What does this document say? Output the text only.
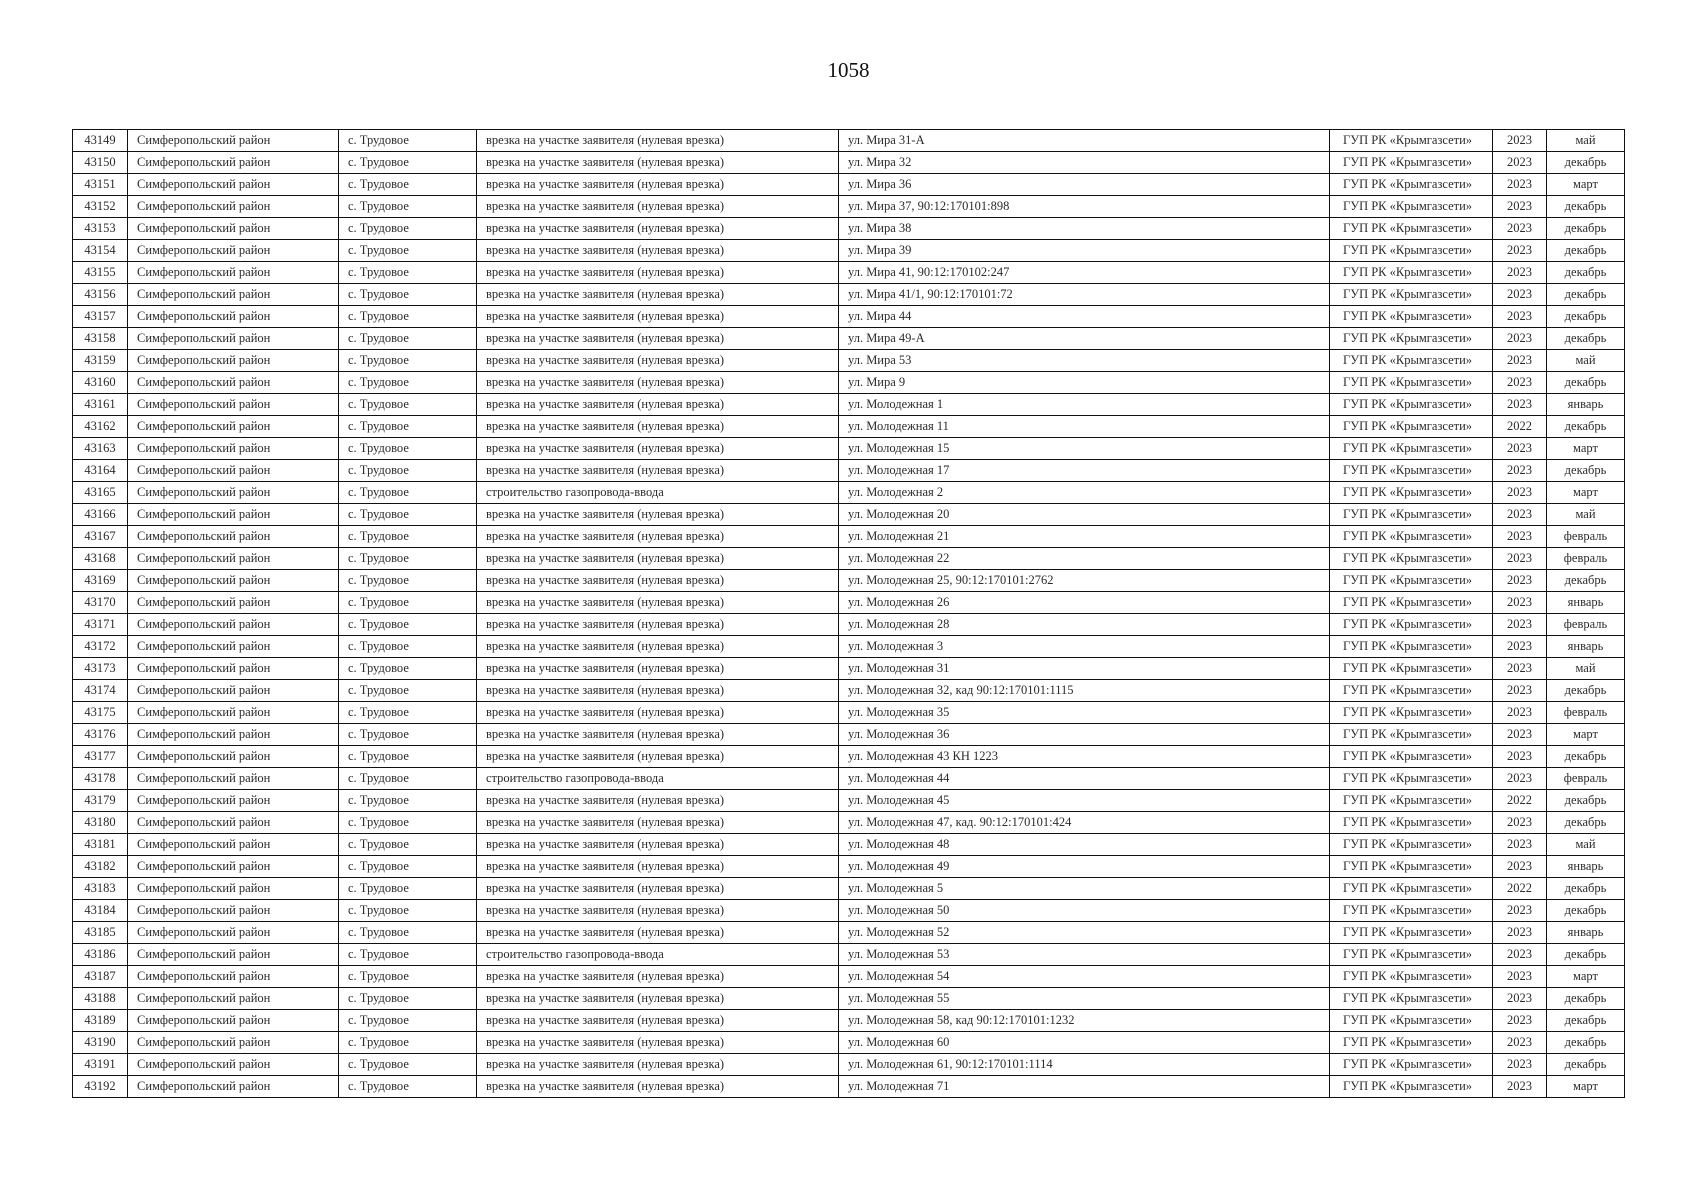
1058
43149	Симферопольский район	с. Трудовое	врезка на участке заявителя (нулевая врезка)	ул. Мира 31-А	ГУП РК «Крымгазсети»	2023	май
43150	Симферопольский район	с. Трудовое	врезка на участке заявителя (нулевая врезка)	ул. Мира 32	ГУП РК «Крымгазсети»	2023	декабрь
43151	Симферопольский район	с. Трудовое	врезка на участке заявителя (нулевая врезка)	ул. Мира 36	ГУП РК «Крымгазсети»	2023	март
43152	Симферопольский район	с. Трудовое	врезка на участке заявителя (нулевая врезка)	ул. Мира 37, 90:12:170101:898	ГУП РК «Крымгазсети»	2023	декабрь
43153	Симферопольский район	с. Трудовое	врезка на участке заявителя (нулевая врезка)	ул. Мира 38	ГУП РК «Крымгазсети»	2023	декабрь
43154	Симферопольский район	с. Трудовое	врезка на участке заявителя (нулевая врезка)	ул. Мира 39	ГУП РК «Крымгазсети»	2023	декабрь
43155	Симферопольский район	с. Трудовое	врезка на участке заявителя (нулевая врезка)	ул. Мира 41, 90:12:170102:247	ГУП РК «Крымгазсети»	2023	декабрь
43156	Симферопольский район	с. Трудовое	врезка на участке заявителя (нулевая врезка)	ул. Мира 41/1, 90:12:170101:72	ГУП РК «Крымгазсети»	2023	декабрь
43157	Симферопольский район	с. Трудовое	врезка на участке заявителя (нулевая врезка)	ул. Мира 44	ГУП РК «Крымгазсети»	2023	декабрь
43158	Симферопольский район	с. Трудовое	врезка на участке заявителя (нулевая врезка)	ул. Мира 49-А	ГУП РК «Крымгазсети»	2023	декабрь
43159	Симферопольский район	с. Трудовое	врезка на участке заявителя (нулевая врезка)	ул. Мира 53	ГУП РК «Крымгазсети»	2023	май
43160	Симферопольский район	с. Трудовое	врезка на участке заявителя (нулевая врезка)	ул. Мира 9	ГУП РК «Крымгазсети»	2023	декабрь
43161	Симферопольский район	с. Трудовое	врезка на участке заявителя (нулевая врезка)	ул. Молодежная 1	ГУП РК «Крымгазсети»	2023	январь
43162	Симферопольский район	с. Трудовое	врезка на участке заявителя (нулевая врезка)	ул. Молодежная 11	ГУП РК «Крымгазсети»	2022	декабрь
43163	Симферопольский район	с. Трудовое	врезка на участке заявителя (нулевая врезка)	ул. Молодежная 15	ГУП РК «Крымгазсети»	2023	март
43164	Симферопольский район	с. Трудовое	врезка на участке заявителя (нулевая врезка)	ул. Молодежная 17	ГУП РК «Крымгазсети»	2023	декабрь
43165	Симферопольский район	с. Трудовое	строительство газопровода-ввода	ул. Молодежная 2	ГУП РК «Крымгазсети»	2023	март
43166	Симферопольский район	с. Трудовое	врезка на участке заявителя (нулевая врезка)	ул. Молодежная 20	ГУП РК «Крымгазсети»	2023	май
43167	Симферопольский район	с. Трудовое	врезка на участке заявителя (нулевая врезка)	ул. Молодежная 21	ГУП РК «Крымгазсети»	2023	февраль
43168	Симферопольский район	с. Трудовое	врезка на участке заявителя (нулевая врезка)	ул. Молодежная 22	ГУП РК «Крымгазсети»	2023	февраль
43169	Симферопольский район	с. Трудовое	врезка на участке заявителя (нулевая врезка)	ул. Молодежная 25, 90:12:170101:2762	ГУП РК «Крымгазсети»	2023	декабрь
43170	Симферопольский район	с. Трудовое	врезка на участке заявителя (нулевая врезка)	ул. Молодежная 26	ГУП РК «Крымгазсети»	2023	январь
43171	Симферопольский район	с. Трудовое	врезка на участке заявителя (нулевая врезка)	ул. Молодежная 28	ГУП РК «Крымгазсети»	2023	февраль
43172	Симферопольский район	с. Трудовое	врезка на участке заявителя (нулевая врезка)	ул. Молодежная 3	ГУП РК «Крымгазсети»	2023	январь
43173	Симферопольский район	с. Трудовое	врезка на участке заявителя (нулевая врезка)	ул. Молодежная 31	ГУП РК «Крымгазсети»	2023	май
43174	Симферопольский район	с. Трудовое	врезка на участке заявителя (нулевая врезка)	ул. Молодежная 32, кад 90:12:170101:1115	ГУП РК «Крымгазсети»	2023	декабрь
43175	Симферопольский район	с. Трудовое	врезка на участке заявителя (нулевая врезка)	ул. Молодежная 35	ГУП РК «Крымгазсети»	2023	февраль
43176	Симферопольский район	с. Трудовое	врезка на участке заявителя (нулевая врезка)	ул. Молодежная 36	ГУП РК «Крымгазсети»	2023	март
43177	Симферопольский район	с. Трудовое	врезка на участке заявителя (нулевая врезка)	ул. Молодежная 43 КН 1223	ГУП РК «Крымгазсети»	2023	декабрь
43178	Симферопольский район	с. Трудовое	строительство газопровода-ввода	ул. Молодежная 44	ГУП РК «Крымгазсети»	2023	февраль
43179	Симферопольский район	с. Трудовое	врезка на участке заявителя (нулевая врезка)	ул. Молодежная 45	ГУП РК «Крымгазсети»	2022	декабрь
43180	Симферопольский район	с. Трудовое	врезка на участке заявителя (нулевая врезка)	ул. Молодежная 47, кад. 90:12:170101:424	ГУП РК «Крымгазсети»	2023	декабрь
43181	Симферопольский район	с. Трудовое	врезка на участке заявителя (нулевая врезка)	ул. Молодежная 48	ГУП РК «Крымгазсети»	2023	май
43182	Симферопольский район	с. Трудовое	врезка на участке заявителя (нулевая врезка)	ул. Молодежная 49	ГУП РК «Крымгазсети»	2023	январь
43183	Симферопольский район	с. Трудовое	врезка на участке заявителя (нулевая врезка)	ул. Молодежная 5	ГУП РК «Крымгазсети»	2022	декабрь
43184	Симферопольский район	с. Трудовое	врезка на участке заявителя (нулевая врезка)	ул. Молодежная 50	ГУП РК «Крымгазсети»	2023	декабрь
43185	Симферопольский район	с. Трудовое	врезка на участке заявителя (нулевая врезка)	ул. Молодежная 52	ГУП РК «Крымгазсети»	2023	январь
43186	Симферопольский район	с. Трудовое	строительство газопровода-ввода	ул. Молодежная 53	ГУП РК «Крымгазсети»	2023	декабрь
43187	Симферопольский район	с. Трудовое	врезка на участке заявителя (нулевая врезка)	ул. Молодежная 54	ГУП РК «Крымгазсети»	2023	март
43188	Симферопольский район	с. Трудовое	врезка на участке заявителя (нулевая врезка)	ул. Молодежная 55	ГУП РК «Крымгазсети»	2023	декабрь
43189	Симферопольский район	с. Трудовое	врезка на участке заявителя (нулевая врезка)	ул. Молодежная 58, кад 90:12:170101:1232	ГУП РК «Крымгазсети»	2023	декабрь
43190	Симферопольский район	с. Трудовое	врезка на участке заявителя (нулевая врезка)	ул. Молодежная 60	ГУП РК «Крымгазсети»	2023	декабрь
43191	Симферопольский район	с. Трудовое	врезка на участке заявителя (нулевая врезка)	ул. Молодежная 61, 90:12:170101:1114	ГУП РК «Крымгазсети»	2023	декабрь
43192	Симферопольский район	с. Трудовое	врезка на участке заявителя (нулевая врезка)	ул. Молодежная 71	ГУП РК «Крымгазсети»	2023	март
